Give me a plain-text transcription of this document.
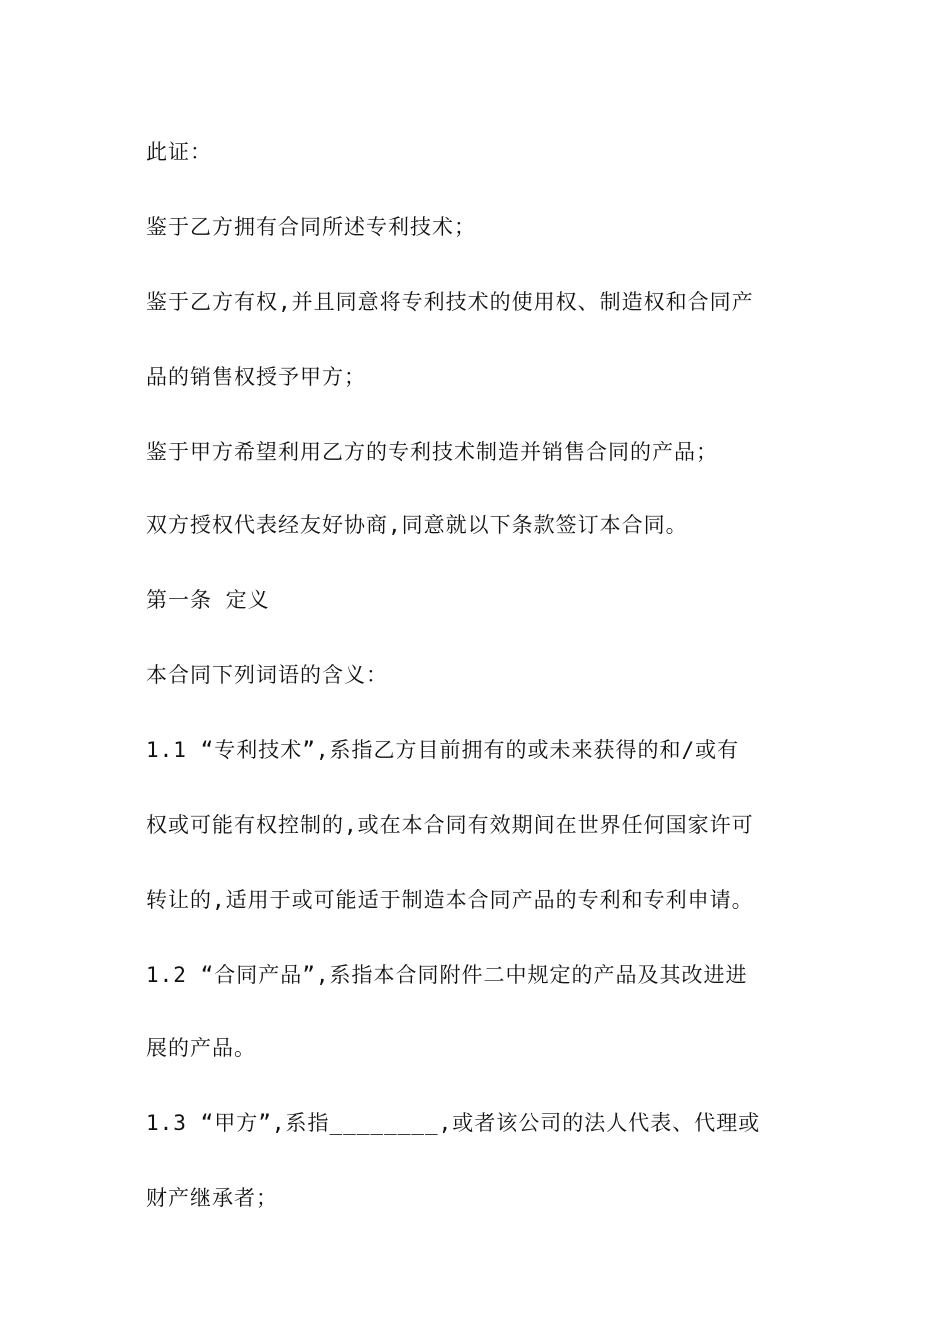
此证：
鉴于乙方拥有合同所述专利技术；
鉴于乙方有权,并且同意将专利技术的使用权、制造权和合同产
品的销售权授予甲方；
鉴于甲方希望利用乙方的专利技术制造并销售合同的产品；
双方授权代表经友好协商,同意就以下条款签订本合同。
第一条 定义
本合同下列词语的含义：
1.1 “专利技术”,系指乙方目前拥有的或未来获得的和/或有
权或可能有权控制的,或在本合同有效期间在世界任何国家许可
转让的,适用于或可能适于制造本合同产品的专利和专利申请。
1.2 “合同产品”,系指本合同附件二中规定的产品及其改进进
展的产品。
1.3 “甲方”,系指________,或者该公司的法人代表、代理或
财产继承者；
